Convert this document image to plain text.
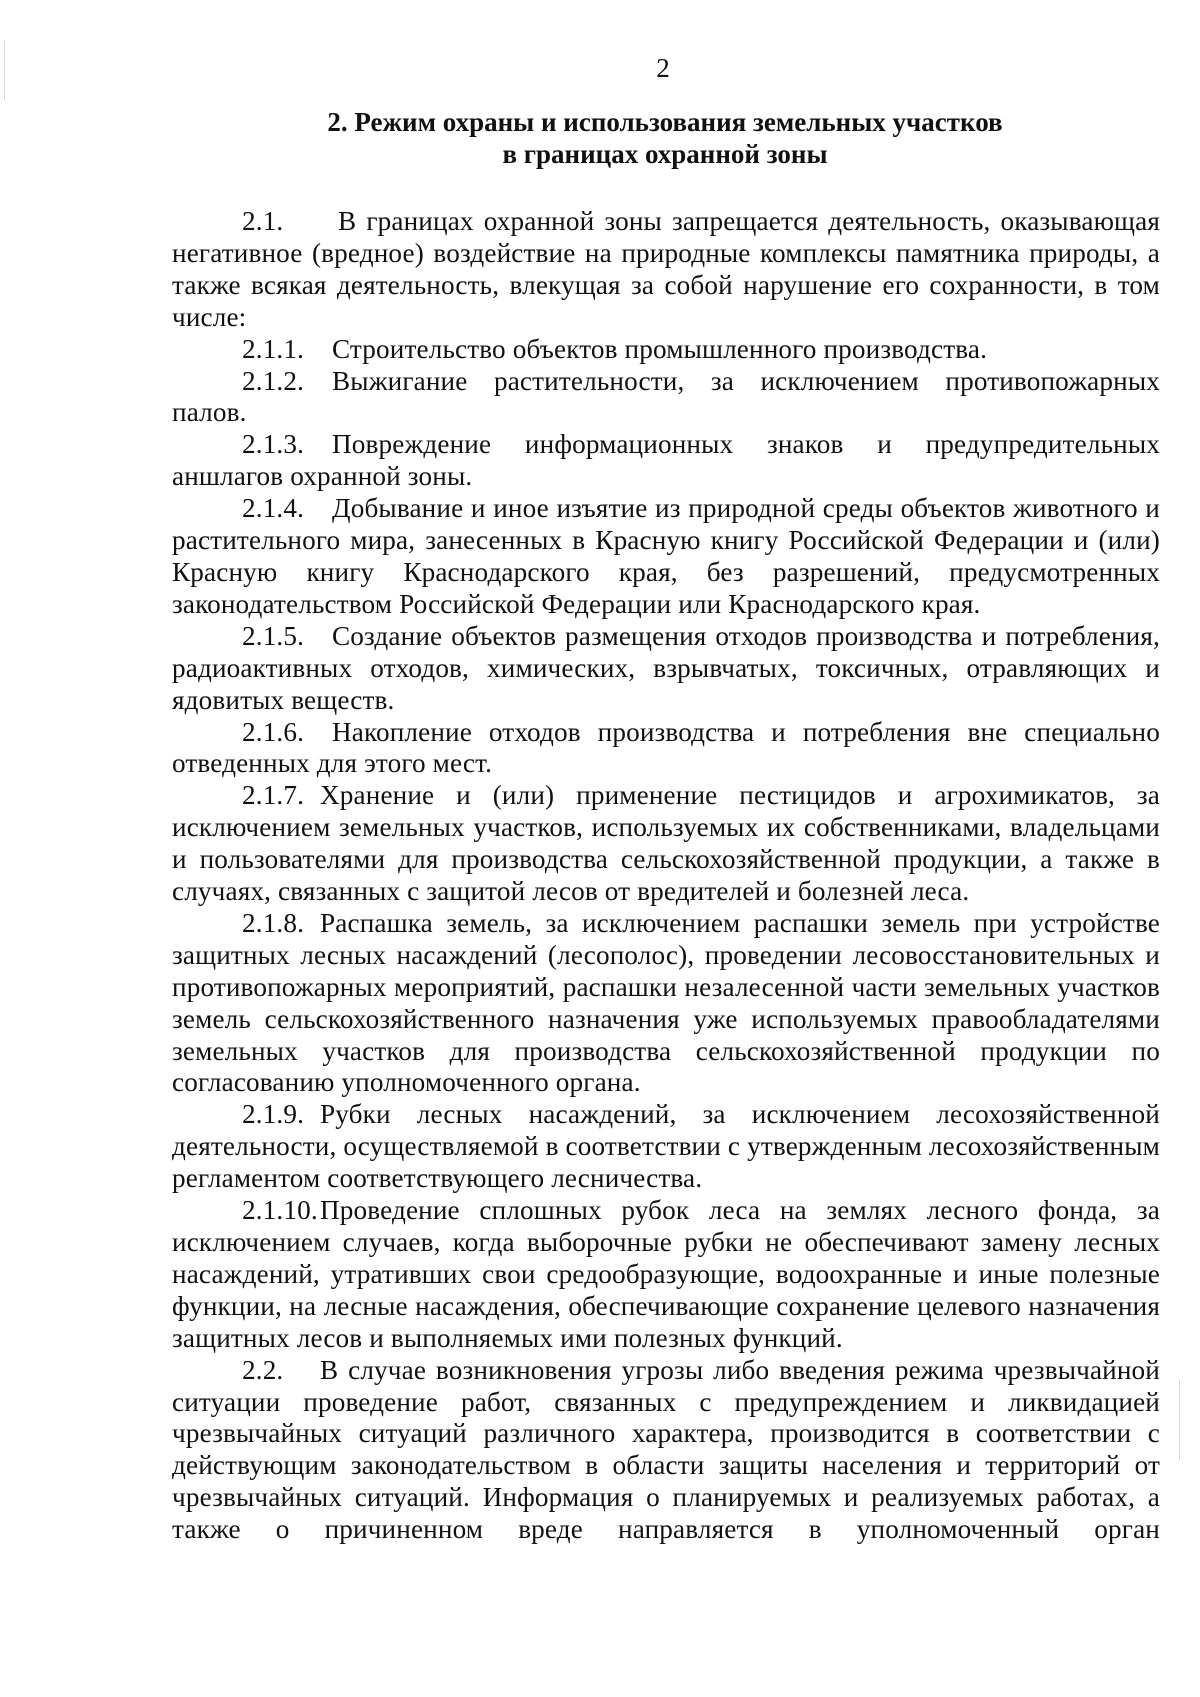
2
2. Режим охраны и использования земельных участков
в границах охранной зоны

2.1. В границах охранной зоны запрещается деятельность, оказывающая негативное (вредное) воздействие на природные комплексы памятника природы, а также всякая деятельность, влекущая за собой нарушение его сохранности, в том числе:

2.1.1. Строительство объектов промышленного производства.

2.1.2. Выжигание растительности, за исключением противопожарных палов.

2.1.3. Повреждение информационных знаков и предупредительных аншлагов охранной зоны.

2.1.4. Добывание и иное изъятие из природной среды объектов животного и растительного мира, занесенных в Красную книгу Российской Федерации и (или) Красную книгу Краснодарского края, без разрешений, предусмотренных законодательством Российской Федерации или Краснодарского края.

2.1.5. Создание объектов размещения отходов производства и потребления, радиоактивных отходов, химических, взрывчатых, токсичных, отравляющих и ядовитых веществ.

2.1.6. Накопление отходов производства и потребления вне специально отведенных для этого мест.

2.1.7. Хранение и (или) применение пестицидов и агрохимикатов, за исключением земельных участков, используемых их собственниками, владельцами и пользователями для производства сельскохозяйственной продукции, а также в случаях, связанных с защитой лесов от вредителей и болезней леса.

2.1.8. Распашка земель, за исключением распашки земель при устройстве защитных лесных насаждений (лесополос), проведении лесовосстановительных и противопожарных мероприятий, распашки незалесенной части земельных участков земель сельскохозяйственного назначения уже используемых правообладателями земельных участков для производства сельскохозяйственной продукции по согласованию уполномоченного органа.

2.1.9. Рубки лесных насаждений, за исключением лесохозяйственной деятельности, осуществляемой в соответствии с утвержденным лесохозяйственным регламентом соответствующего лесничества.

2.1.10.Проведение сплошных рубок леса на землях лесного фонда, за исключением случаев, когда выборочные рубки не обеспечивают замену лесных насаждений, утративших свои средообразующие, водоохранные и иные полезные функции, на лесные насаждения, обеспечивающие сохранение целевого назначения защитных лесов и выполняемых ими полезных функций.

2.2. В случае возникновения угрозы либо введения режима чрезвычайной ситуации проведение работ, связанных с предупреждением и ликвидацией чрезвычайных ситуаций различного характера, производится в соответствии с действующим законодательством в области защиты населения и территорий от чрезвычайных ситуаций. Информация о планируемых и реализуемых работах, а также о причиненном вреде направляется в уполномоченный орган
